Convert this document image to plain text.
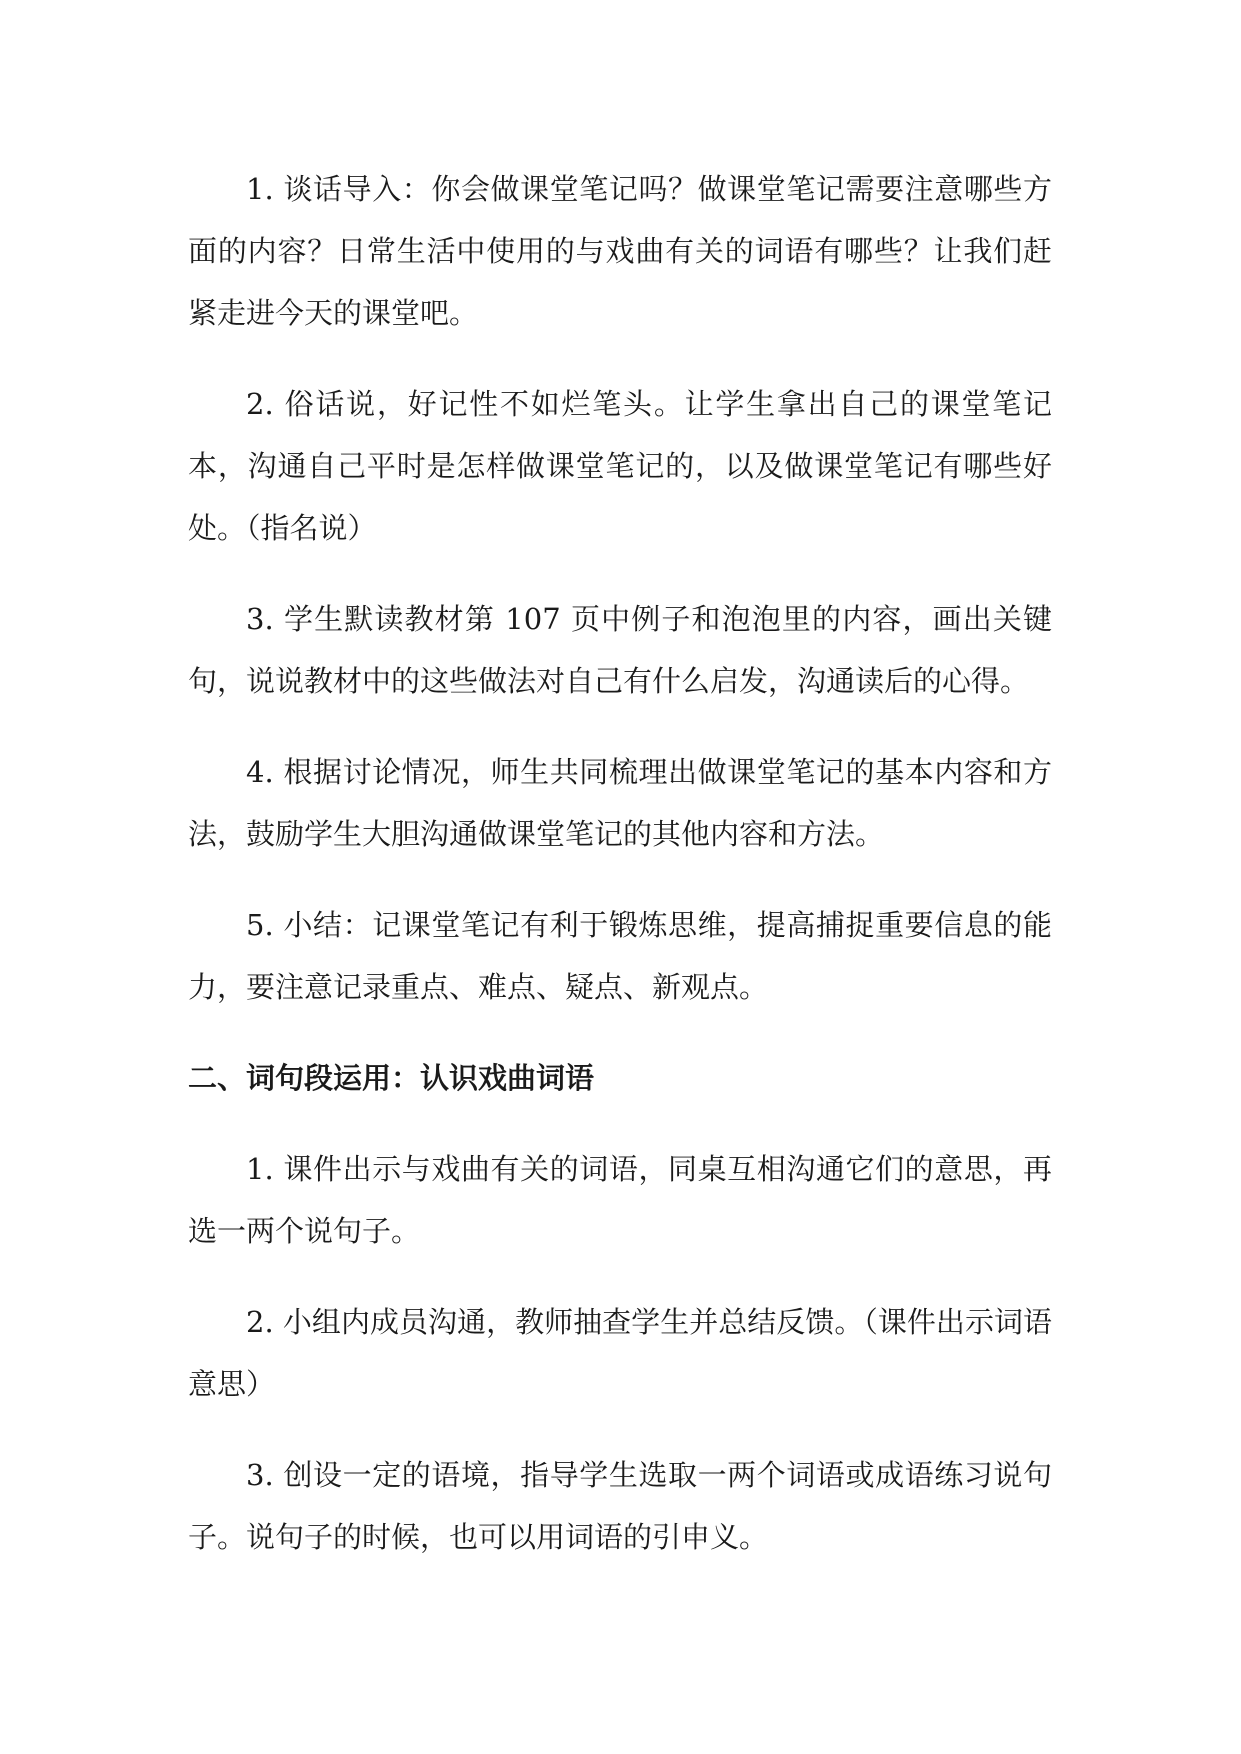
1. 谈话导入：你会做课堂笔记吗？做课堂笔记需要注意哪些方面的内容？日常生活中使用的与戏曲有关的词语有哪些？让我们赶紧走进今天的课堂吧。

2. 俗话说，好记性不如烂笔头。让学生拿出自己的课堂笔记本，沟通自己平时是怎样做课堂笔记的，以及做课堂笔记有哪些好处。（指名说）

3. 学生默读教材第 107 页中例子和泡泡里的内容，画出关键句，说说教材中的这些做法对自己有什么启发，沟通读后的心得。

4. 根据讨论情况，师生共同梳理出做课堂笔记的基本内容和方法，鼓励学生大胆沟通做课堂笔记的其他内容和方法。

5. 小结：记课堂笔记有利于锻炼思维，提高捕捉重要信息的能力，要注意记录重点、难点、疑点、新观点。

二、词句段运用：认识戏曲词语

1. 课件出示与戏曲有关的词语，同桌互相沟通它们的意思，再选一两个说句子。

2. 小组内成员沟通，教师抽查学生并总结反馈。（课件出示词语意思）

3. 创设一定的语境，指导学生选取一两个词语或成语练习说句子。说句子的时候，也可以用词语的引申义。
